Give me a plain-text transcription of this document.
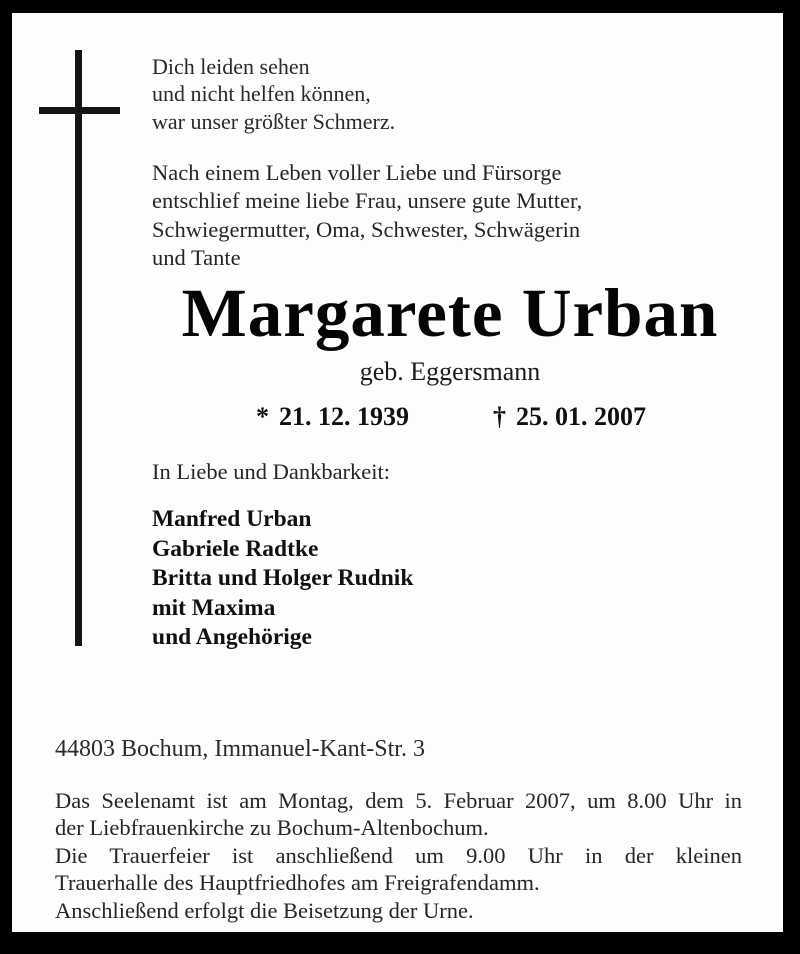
Dich leiden sehen
und nicht helfen können,
war unser größter Schmerz.
Nach einem Leben voller Liebe und Fürsorge
entschlief meine liebe Frau, unsere gute Mutter,
Schwiegermutter, Oma, Schwester, Schwägerin
und Tante
Margarete Urban
geb. Eggersmann
* 21. 12. 1939	† 25. 01. 2007
In Liebe und Dankbarkeit:
Manfred Urban
Gabriele Radtke
Britta und Holger Rudnik
mit Maxima
und Angehörige
44803 Bochum, Immanuel-Kant-Str. 3
Das Seelenamt ist am Montag, dem 5. Februar 2007, um 8.00 Uhr in
der Liebfrauenkirche zu Bochum-Altenbochum.
Die Trauerfeier ist anschließend um 9.00 Uhr in der kleinen
Trauerhalle des Hauptfriedhofes am Freigrafendamm.
Anschließend erfolgt die Beisetzung der Urne.
